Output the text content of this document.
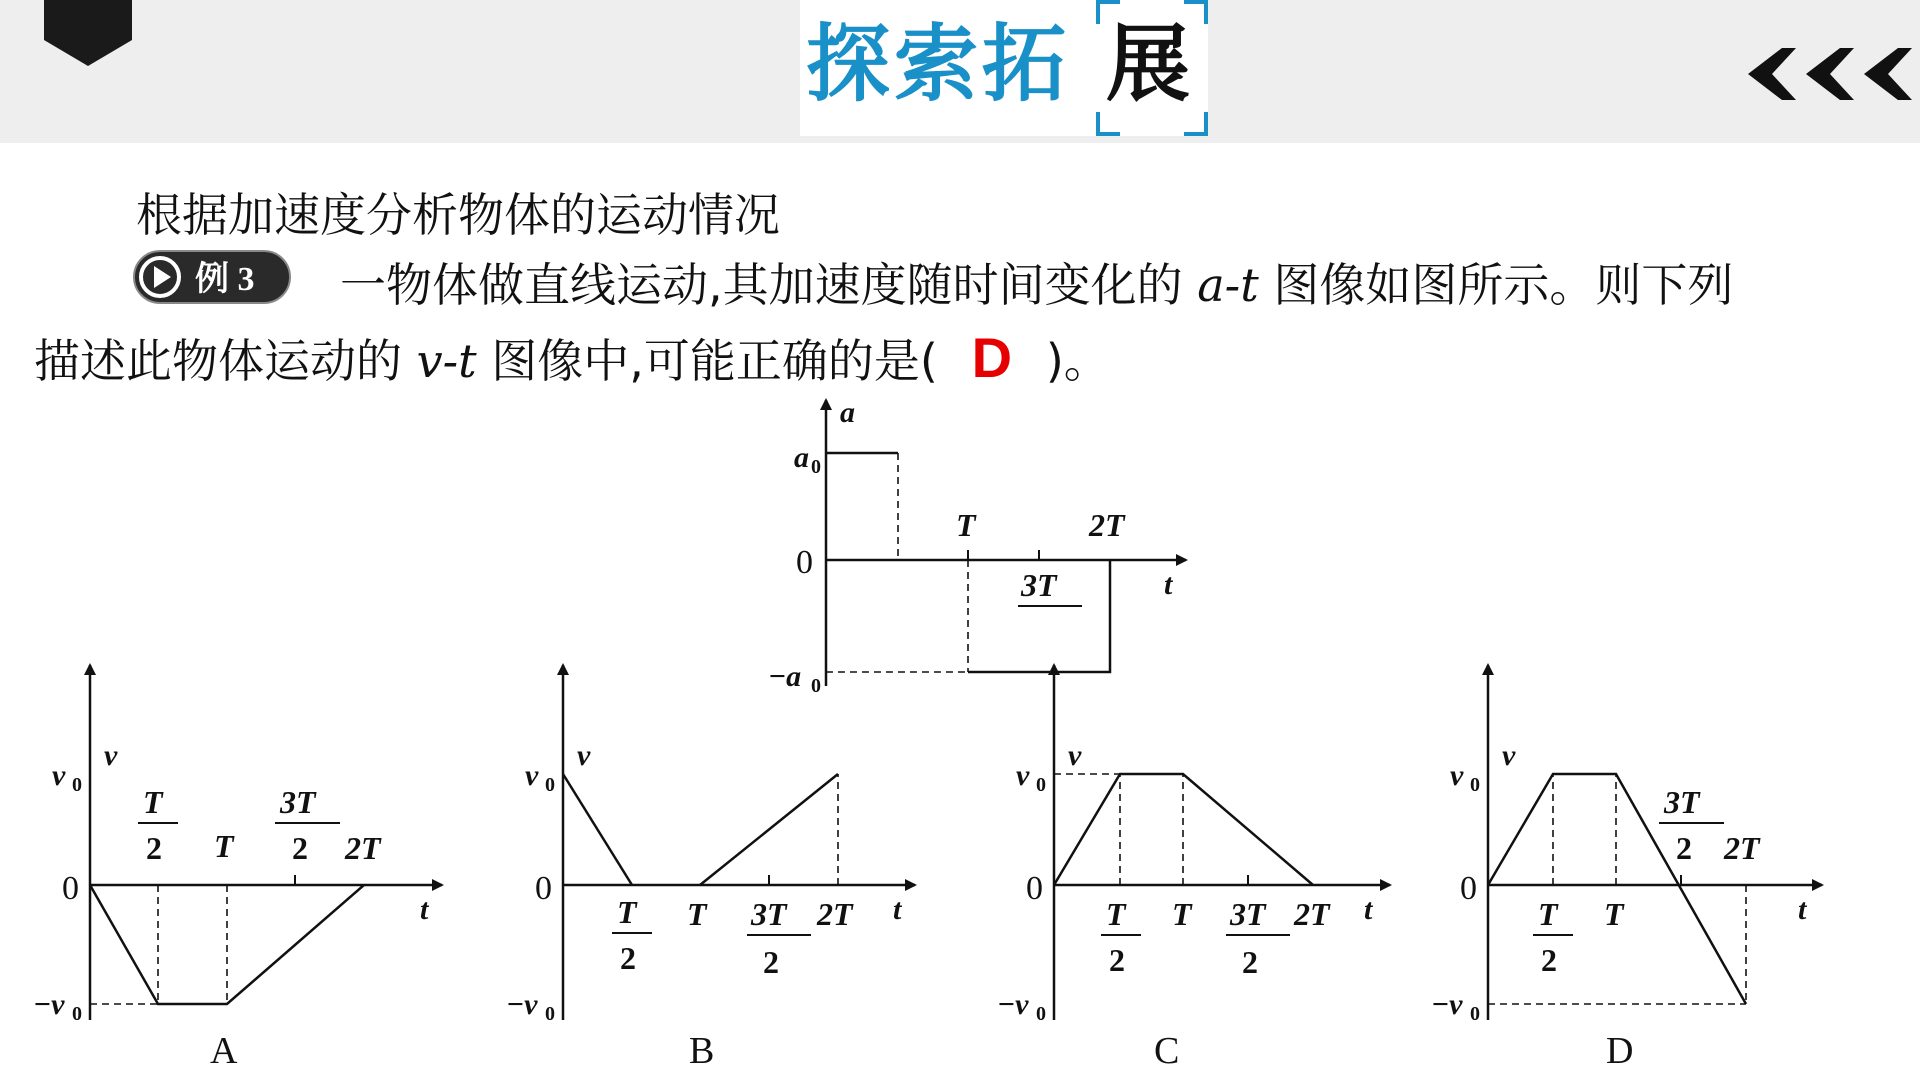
探索拓 展
根据加速度分析物体的运动情况
例 3 一物体做直线运动,其加速度随时间变化的 a-t 图像如图所示。则下列
描述此物体运动的 v-t 图像中,可能正确的是( D )。
a
t
0
a 0
−a 0
T	2T
3T
v
t
0
v 0
−v 0
T
2 T
3T
2 2T
A
v
t
0
v 0
−v 0
T
2
T 3T
2
2T
B
v
t
0
v 0
−v 0
T
2
T 3T
2
2T
C
v
t
0
v 0
−v 0
T
2
T
3T
2 2T
D
